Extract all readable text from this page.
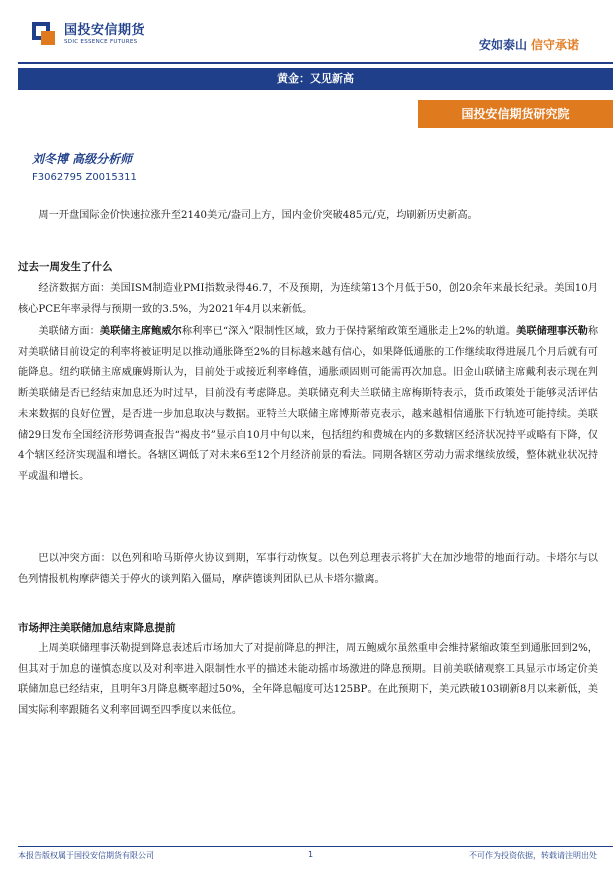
国投安信期货
SDIC ESSENCE FUTURES	安如泰山 信守承诺
黄金：又见新高
国投安信期货研究院
刘冬博 高级分析师
F3062795 Z0015311
周一开盘国际金价快速拉涨升至2140美元/盎司上方，国内金价突破485元/克，均刷新历史新高。
过去一周发生了什么
经济数据方面：美国ISM制造业PMI指数录得46.7，不及预期，为连续第13个月低于50，创20余年来最长纪录。美国10月核心PCE年率录得与预期一致的3.5%，为2021年4月以来新低。
美联储方面：美联储主席鲍威尔称利率已“深入”限制性区域，致力于保持紧缩政策至通胀走上2%的轨道。美联储理事沃勒称对美联储目前设定的利率将被证明足以推动通胀降至2%的目标越来越有信心，如果降低通胀的工作继续取得进展几个月后就有可能降息。纽约联储主席威廉姆斯认为，目前处于或接近利率峰值，通胀顽固则可能需再次加息。旧金山联储主席戴利表示现在判断美联储是否已经结束加息还为时过早，目前没有考虑降息。美联储克利夫兰联储主席梅斯特表示，货币政策处于能够灵活评估未来数据的良好位置，是否进一步加息取决与数据。亚特兰大联储主席博斯蒂克表示，越来越相信通胀下行轨迹可能持续。美联储29日发布全国经济形势调查报告“褐皮书”显示自10月中旬以来，包括纽约和费城在内的多数辖区经济状况持平或略有下降，仅4个辖区经济实现温和增长。各辖区调低了对未来6至12个月经济前景的看法。同期各辖区劳动力需求继续放缓，整体就业状况持平或温和增长。
巴以冲突方面：以色列和哈马斯停火协议到期，军事行动恢复。以色列总理表示将扩大在加沙地带的地面行动。卡塔尔与以色列情报机构摩萨德关于停火的谈判陷入僵局，摩萨德谈判团队已从卡塔尔撤离。
市场押注美联储加息结束降息提前
上周美联储理事沃勒提到降息表述后市场加大了对提前降息的押注，周五鲍威尔虽然重申会维持紧缩政策至到通胀回到2%，但其对于加息的谨慎态度以及对利率进入限制性水平的描述未能动摇市场激进的降息预期。目前美联储观察工具显示市场定价美联储加息已经结束，且明年3月降息概率超过50%，全年降息幅度可达125BP。在此预期下，美元跌破103刷新8月以来新低，美国实际利率跟随名义利率回调至四季度以来低位。
本报告版权属于国投安信期货有限公司	1	不可作为投资依据，转载请注明出处
